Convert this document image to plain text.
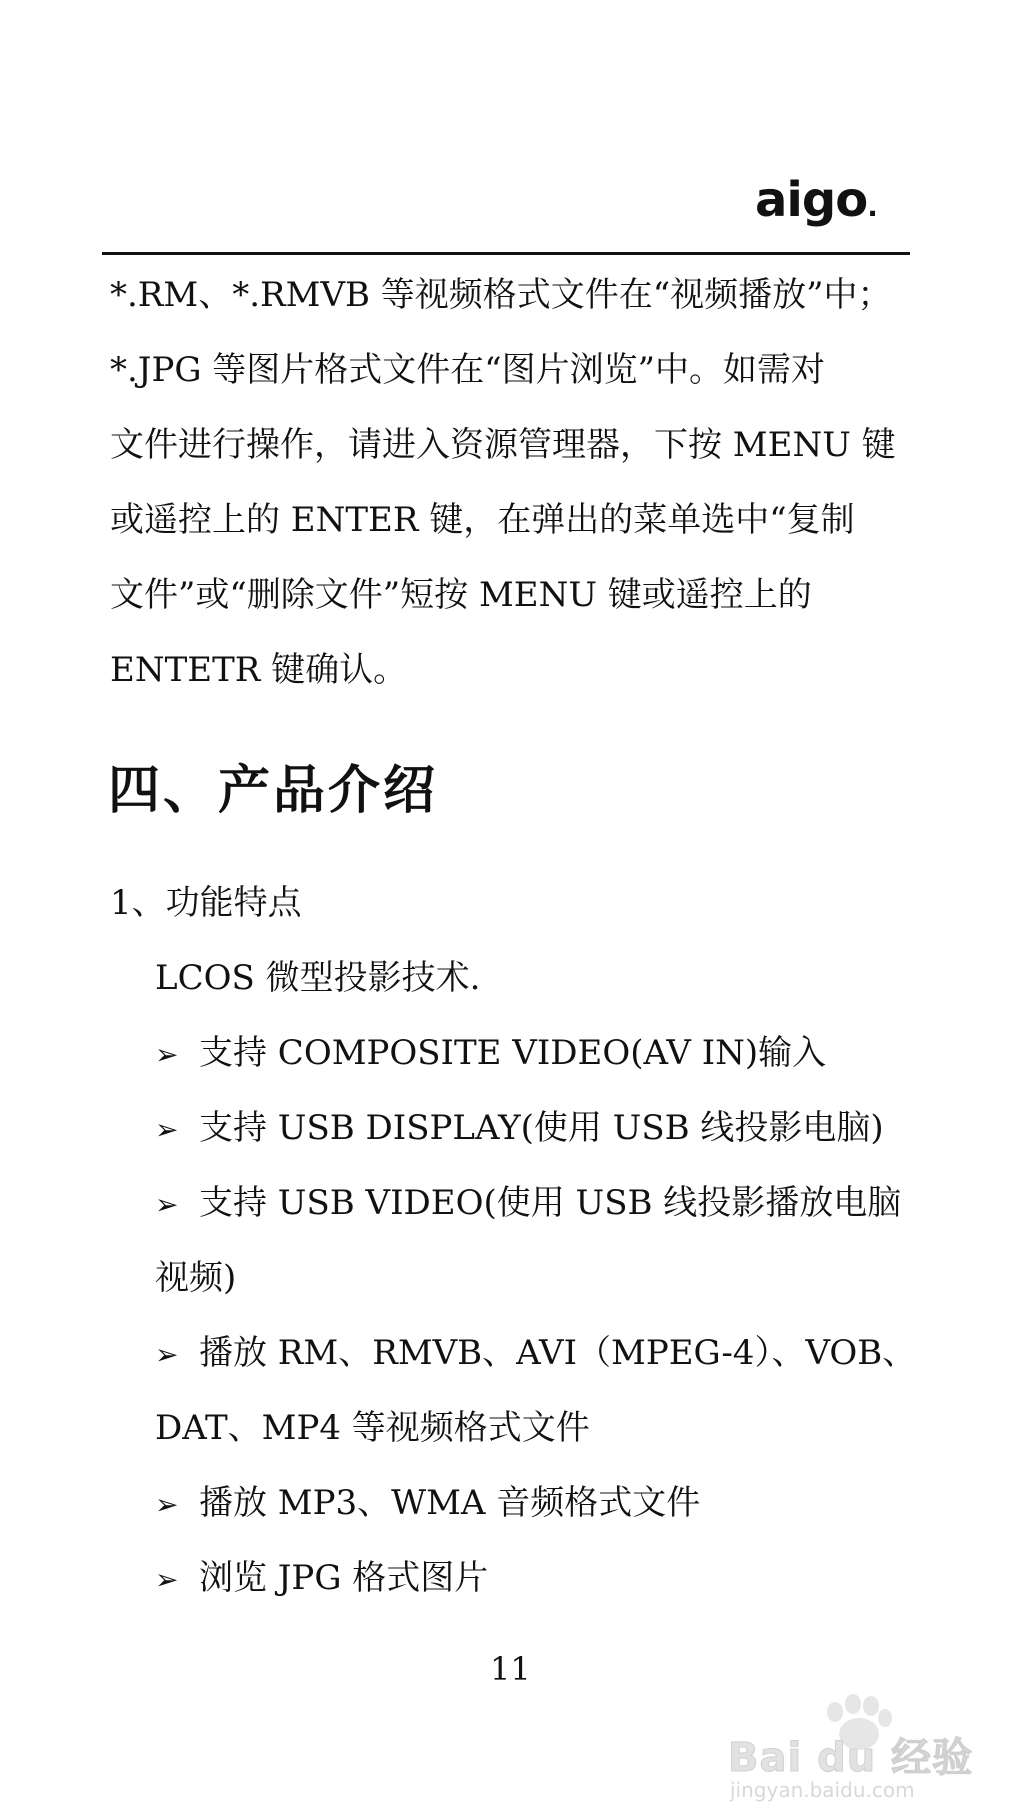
aigo.
*.RM、*.RMVB 等视频格式文件在“视频播放”中；
*.JPG 等图片格式文件在“图片浏览”中。如需对
文件进行操作，请进入资源管理器，下按 MENU 键
或遥控上的 ENTER 键，在弹出的菜单选中“复制
文件”或“删除文件”短按 MENU 键或遥控上的
ENTETR 键确认。
四、产品介绍
1、功能特点
LCOS 微型投影技术.
➢ 支持 COMPOSITE VIDEO(AV IN)输入
➢ 支持 USB DISPLAY(使用 USB 线投影电脑)
➢ 支持 USB VIDEO(使用 USB 线投影播放电脑
视频)
➢ 播放 RM、RMVB、AVI（MPEG-4）、VOB、
DAT、MP4 等视频格式文件
➢ 播放 MP3、WMA 音频格式文件
➢ 浏览 JPG 格式图片
11
Bai du 经验
jingyan.baidu.com
